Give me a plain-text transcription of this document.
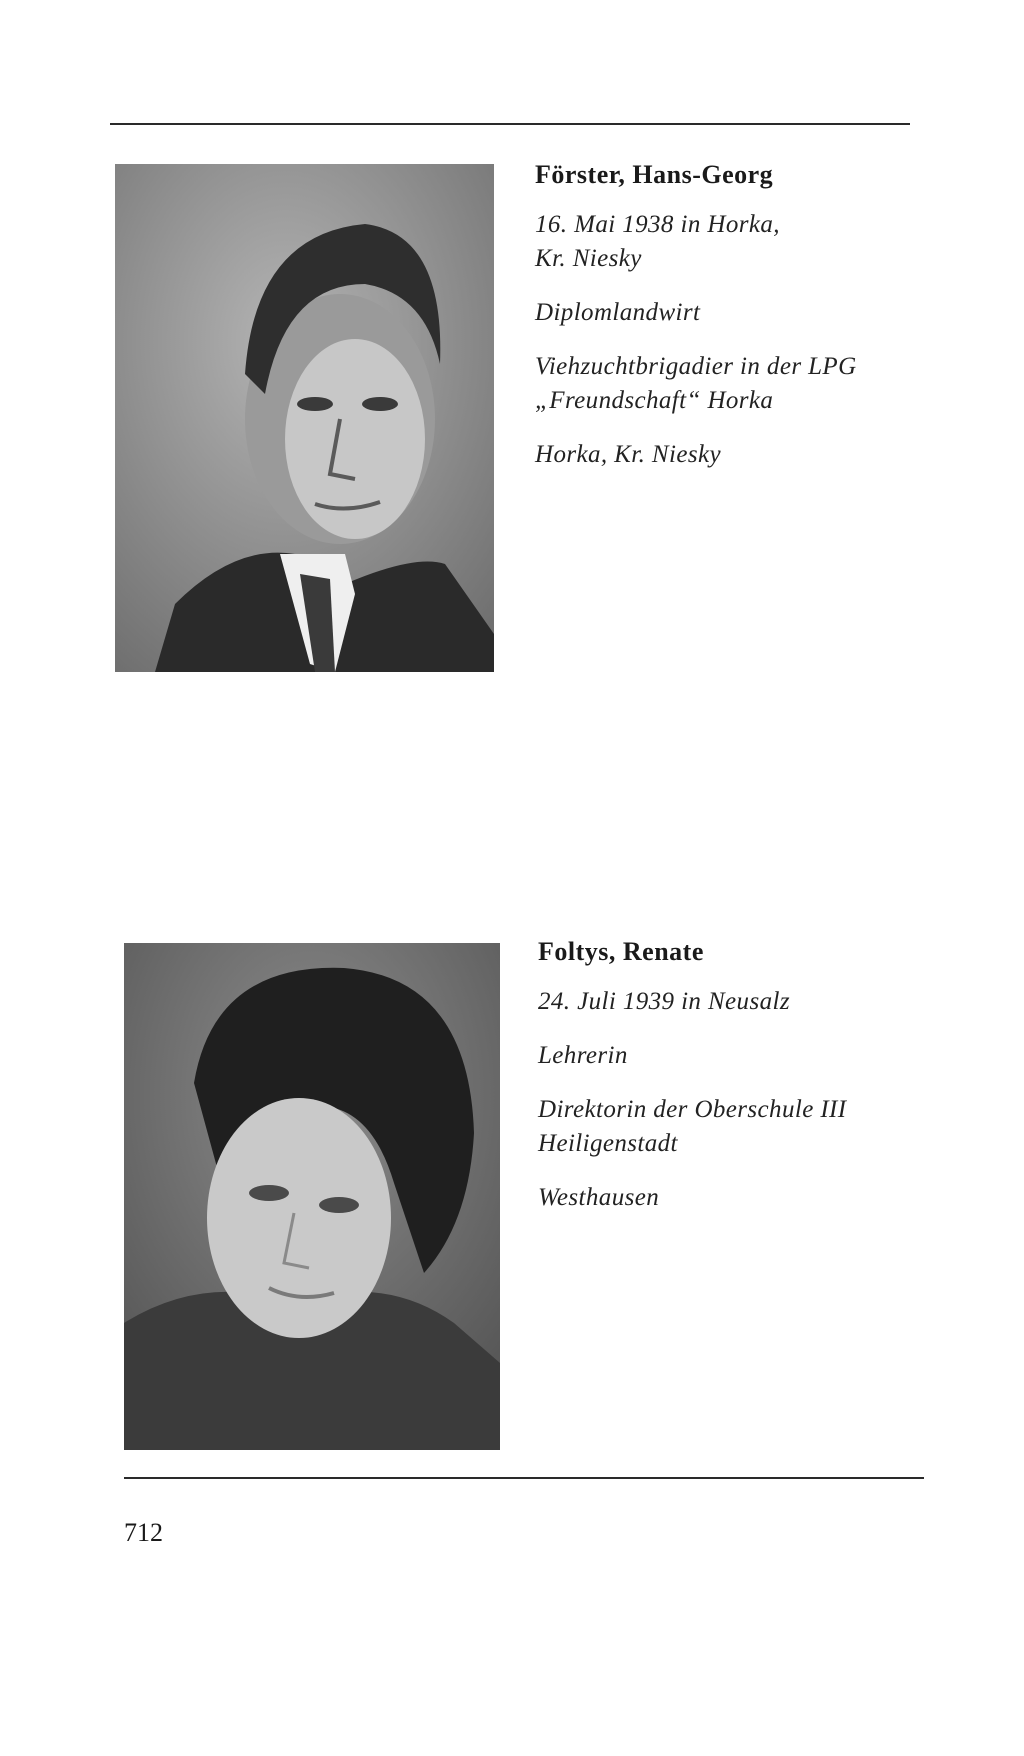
Förster, Hans-Georg

16. Mai 1938 in Horka,

Kr. Niesky

Diplomlandwirt

Viehzuchtbrigadier in der LPG

„Freundschaft“ Horka

Horka, Kr. Niesky

Foltys, Renate

24. Juli 1939 in Neusalz

Lehrerin

Direktorin der Oberschule III

Heiligenstadt

Westhausen

712
